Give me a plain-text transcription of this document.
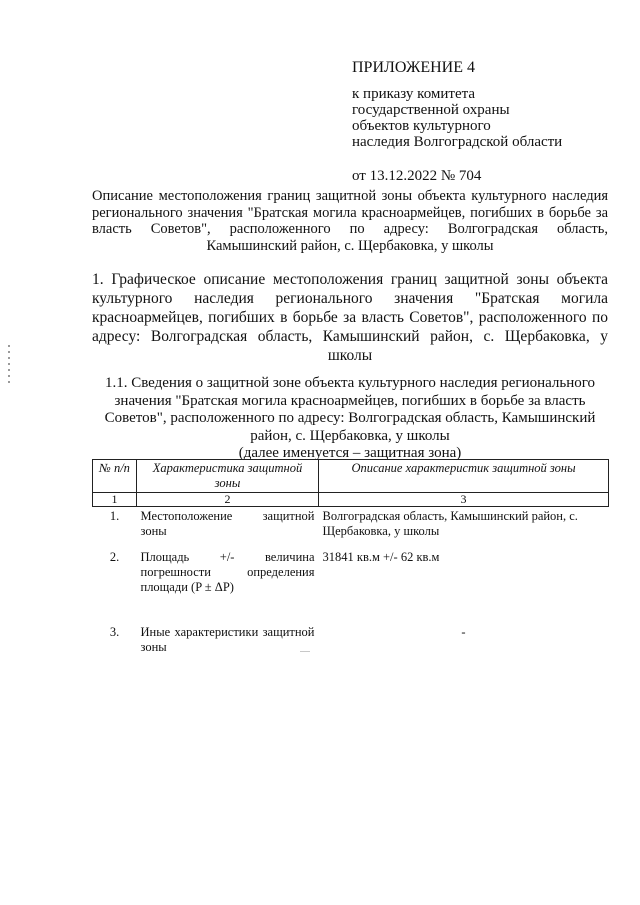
ПРИЛОЖЕНИЕ 4
к приказу комитета
государственной охраны
объектов культурного
наследия Волгоградской области
от 13.12.2022 № 704
Описание местоположения границ защитной зоны объекта культурного наследия регионального значения "Братская могила красноармейцев, погибших в борьбе за власть Советов", расположенного по адресу: Волгоградская область, Камышинский район, с. Щербаковка, у школы
1. Графическое описание местоположения границ защитной зоны объекта культурного наследия регионального значения "Братская могила красноармейцев, погибших в борьбе за власть Советов", расположенного по адресу: Волгоградская область, Камышинский район, с. Щербаковка, у школы
1.1. Сведения о защитной зоне объекта культурного наследия регионального значения "Братская могила красноармейцев, погибших в борьбе за власть Советов", расположенного по адресу: Волгоградская область, Камышинский район, с. Щербаковка, у школы
(далее именуется – защитная зона)
№ п/п	Характеристика защитной зоны	Описание характеристик защитной зоны
1	2	3
1.	Местоположение защитной зоны	Волгоградская область, Камышинский район, с. Щербаковка, у школы
2.	Площадь +/- величина погрешности определения площади (P ± ΔP)	31841 кв.м +/- 62 кв.м

3.	Иные характеристики защитной зоны	-
